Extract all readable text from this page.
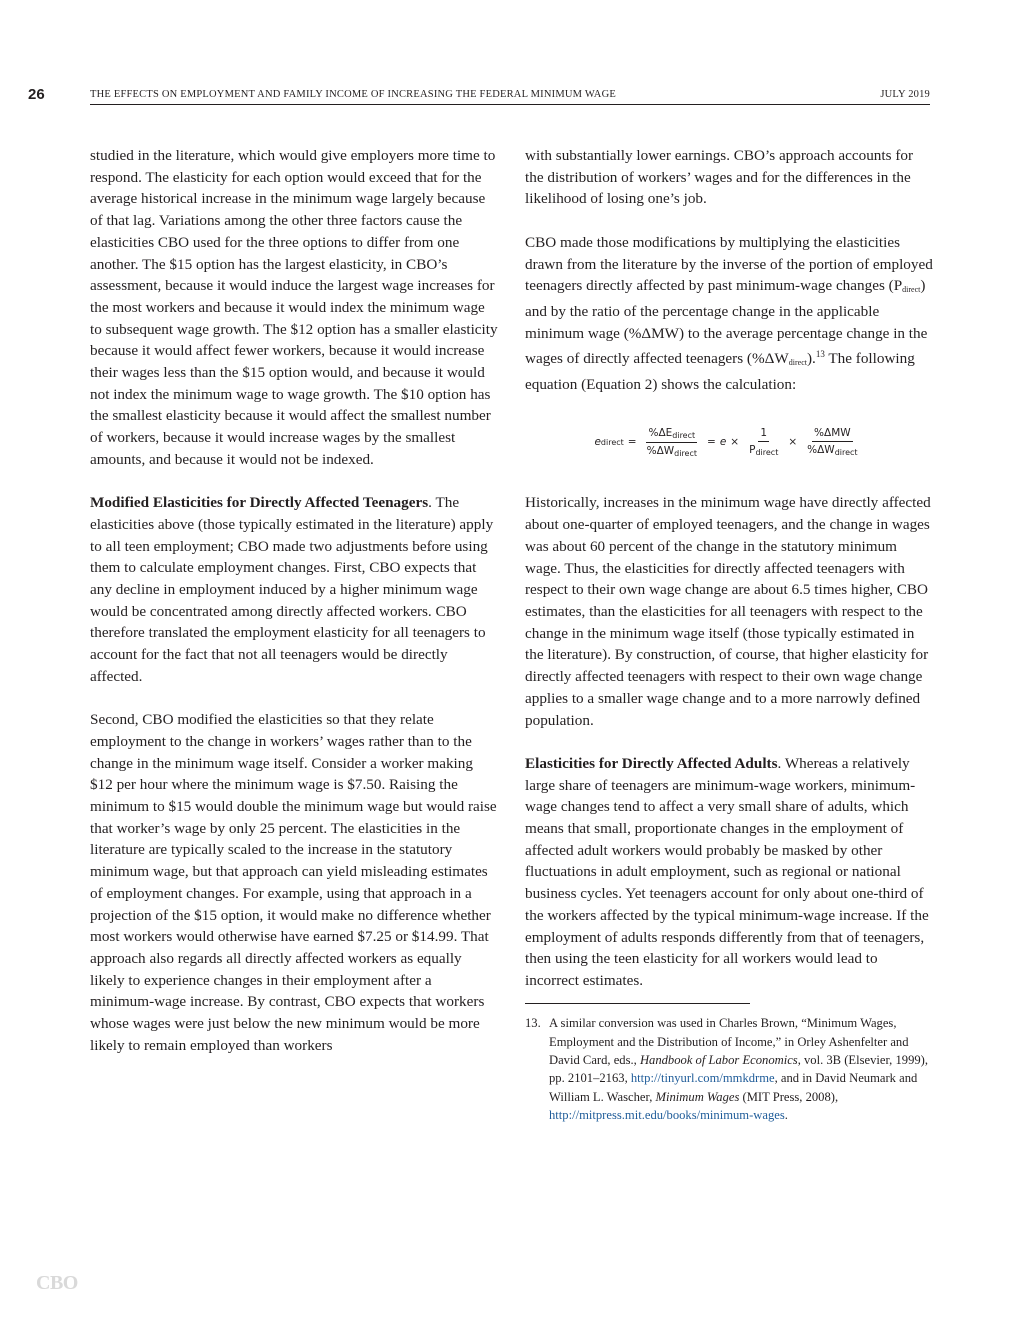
26	THE EFFECTS ON EMPLOYMENT AND FAMILY INCOME OF INCREASING THE FEDERAL MINIMUM WAGE	JULY 2019

studied in the literature, which would give employers more time to respond. The elasticity for each option would exceed that for the average historical increase in the minimum wage largely because of that lag. Variations among the other three factors cause the elasticities CBO used for the three options to differ from one another. The $15 option has the largest elasticity, in CBO’s assessment, because it would induce the largest wage increases for the most workers and because it would index the minimum wage to subsequent wage growth. The $12 option has a smaller elasticity because it would affect fewer workers, because it would increase their wages less than the $15 option would, and because it would not index the minimum wage to wage growth. The $10 option has the smallest elasticity because it would affect the smallest number of workers, because it would increase wages by the smallest amounts, and because it would not be indexed.

Modified Elasticities for Directly Affected Teenagers. The elasticities above (those typically estimated in the literature) apply to all teen employment; CBO made two adjustments before using them to calculate employment changes. First, CBO expects that any decline in employment induced by a higher minimum wage would be concentrated among directly affected workers. CBO therefore translated the employment elasticity for all teenagers to account for the fact that not all teenagers would be directly affected.

Second, CBO modified the elasticities so that they relate employment to the change in workers’ wages rather than to the change in the minimum wage itself. Consider a worker making $12 per hour where the minimum wage is $7.50. Raising the minimum to $15 would double the minimum wage but would raise that worker’s wage by only 25 percent. The elasticities in the literature are typically scaled to the increase in the statutory minimum wage, but that approach can yield misleading estimates of employment changes. For example, using that approach in a projection of the $15 option, it would make no difference whether most workers would otherwise have earned $7.25 or $14.99. That approach also regards all directly affected workers as equally likely to experience changes in their employment after a minimum-wage increase. By contrast, CBO expects that workers whose wages were just below the new minimum would be more likely to remain employed than workers

with substantially lower earnings. CBO’s approach accounts for the distribution of workers’ wages and for the differences in the likelihood of losing one’s job.

CBO made those modifications by multiplying the elasticities drawn from the literature by the inverse of the portion of employed teenagers directly affected by past minimum-wage changes $(P_{direct})$ and by the ratio of the percentage change in the applicable minimum wage (%ΔMW) to the average percentage change in the wages of directly affected teenagers $(\%\Delta W_{direct}).^{13}$ The following equation (Equation 2) shows the calculation:

e direct = $\frac{\%\Delta E_{direct}}{\%\Delta W_{direct}} = e \times \frac{1}{P_{direct}} \times \frac{\text{\%ΔMW}}{\%\Delta W_{direct}}$

Historically, increases in the minimum wage have directly affected about one-quarter of employed teenagers, and the change in wages was about 60 percent of the change in the statutory minimum wage. Thus, the elasticities for directly affected teenagers with respect to their own wage change are about 6.5 times higher, CBO estimates, than the elasticities for all teenagers with respect to the change in the minimum wage itself (those typically estimated in the literature). By construction, of course, that higher elasticity for directly affected teenagers with respect to their own wage change applies to a smaller wage change and to a more narrowly defined population.

Elasticities for Directly Affected Adults. Whereas a relatively large share of teenagers are minimum-wage workers, minimum-wage changes tend to affect a very small share of adults, which means that small, proportionate changes in the employment of affected adult workers would probably be masked by other fluctuations in adult employment, such as regional or national business cycles. Yet teenagers account for only about one-third of the workers affected by the typical minimum-wage increase. If the employment of adults responds differently from that of teenagers, then using the teen elasticity for all workers would lead to incorrect estimates.

13. A similar conversion was used in Charles Brown, “Minimum Wages, Employment and the Distribution of Income,” in Orley Ashenfelter and David Card, eds., Handbook of Labor Economics, vol. 3B (Elsevier, 1999), pp. 2101–2163, http://tinyurl.com/mmkdrme, and in David Neumark and William L. Wascher, Minimum Wages (MIT Press, 2008), http://mitpress.mit.edu/books/minimum-wages.
CBO
